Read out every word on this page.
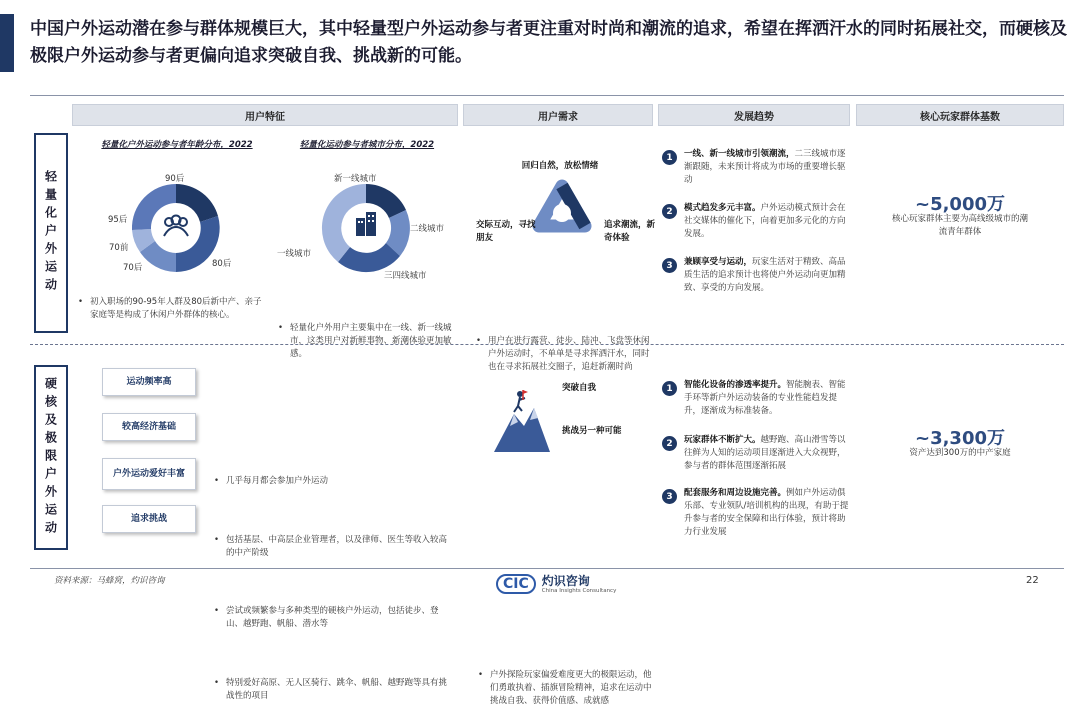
中国户外运动潜在参与群体规模巨大，其中轻量型户外运动参与者更注重对时尚和潮流的追求，希望在挥洒汗水的同时拓展社交，而硬核及极限户外运动参与者更偏向追求突破自我、挑战新的可能。
用户特征	用户需求	发展趋势	核心玩家群体基数
轻量化户外运动
硬核及极限户外运动
轻量化户外运动参与者年龄分布，2022	轻量化运动参与者城市分布，2022
90后
80后
70后
70前
95后
新一线城市
二线城市
三四线城市
一线城市
• 初入职场的90-95年人群及80后新中产、亲子家庭等是构成了休闲户外群体的核心。
• 轻量化户外用户主要集中在一线、新一线城市，这类用户对新鲜事物、新潮体验更加敏感。
回归自然，放松情绪
交际互动，寻找朋友
追求潮流，新奇体验
• 用户在进行露营、徒步、陆冲、飞盘等休闲户外运动时，不单单是寻求挥洒汗水，同时也在寻求拓展社交圈子，追赶新潮时尚
1	一线、新一线城市引领潮流，二三线城市逐渐跟随，未来预计将成为市场的重要增长驱动
2	模式趋发多元丰富。户外运动模式预计会在社交媒体的催化下，向着更加多元化的方向发展。
3	兼顾享受与运动，玩家生活对于精致、高品质生活的追求预计也将使户外运动向更加精致、享受的方向发展。
~5,000万
核心玩家群体主要为高线级城市的潮流青年群体
运动频率高
较高经济基础
户外运动爱好丰富
追求挑战
• 几乎每月都会参加户外运动
• 包括基层、中高层企业管理者，以及律师、医生等收入较高的中产阶级
• 尝试或频繁参与多种类型的硬核户外运动，包括徒步、登山、越野跑、帆船、潜水等
• 特别爱好高原、无人区骑行、跳伞、帆船、越野跑等具有挑战性的项目
突破自我
挑战另一种可能
• 户外探险玩家偏爱难度更大的极限运动，他们勇敢执着、插旗冒险精神，追求在运动中挑战自我、获得价值感、成就感
1	智能化设备的渗透率提升。智能腕表、智能手环等新户外运动装备的专业性能趋发提升，逐渐成为标准装备。
2	玩家群体不断扩大。越野跑、高山滑雪等以往鲜为人知的运动项目逐渐进入大众视野，参与者的群体范围逐渐拓展
3	配套服务和周边设施完善。例如户外运动俱乐部、专业领队/培训机构的出现，有助于提升参与者的安全保障和出行体验，预计将助力行业发展
~3,300万
资产达到300万的中产家庭
资料来源：马蜂窝，灼识咨询	CIC	灼识咨询
China Insights Consultancy
22
